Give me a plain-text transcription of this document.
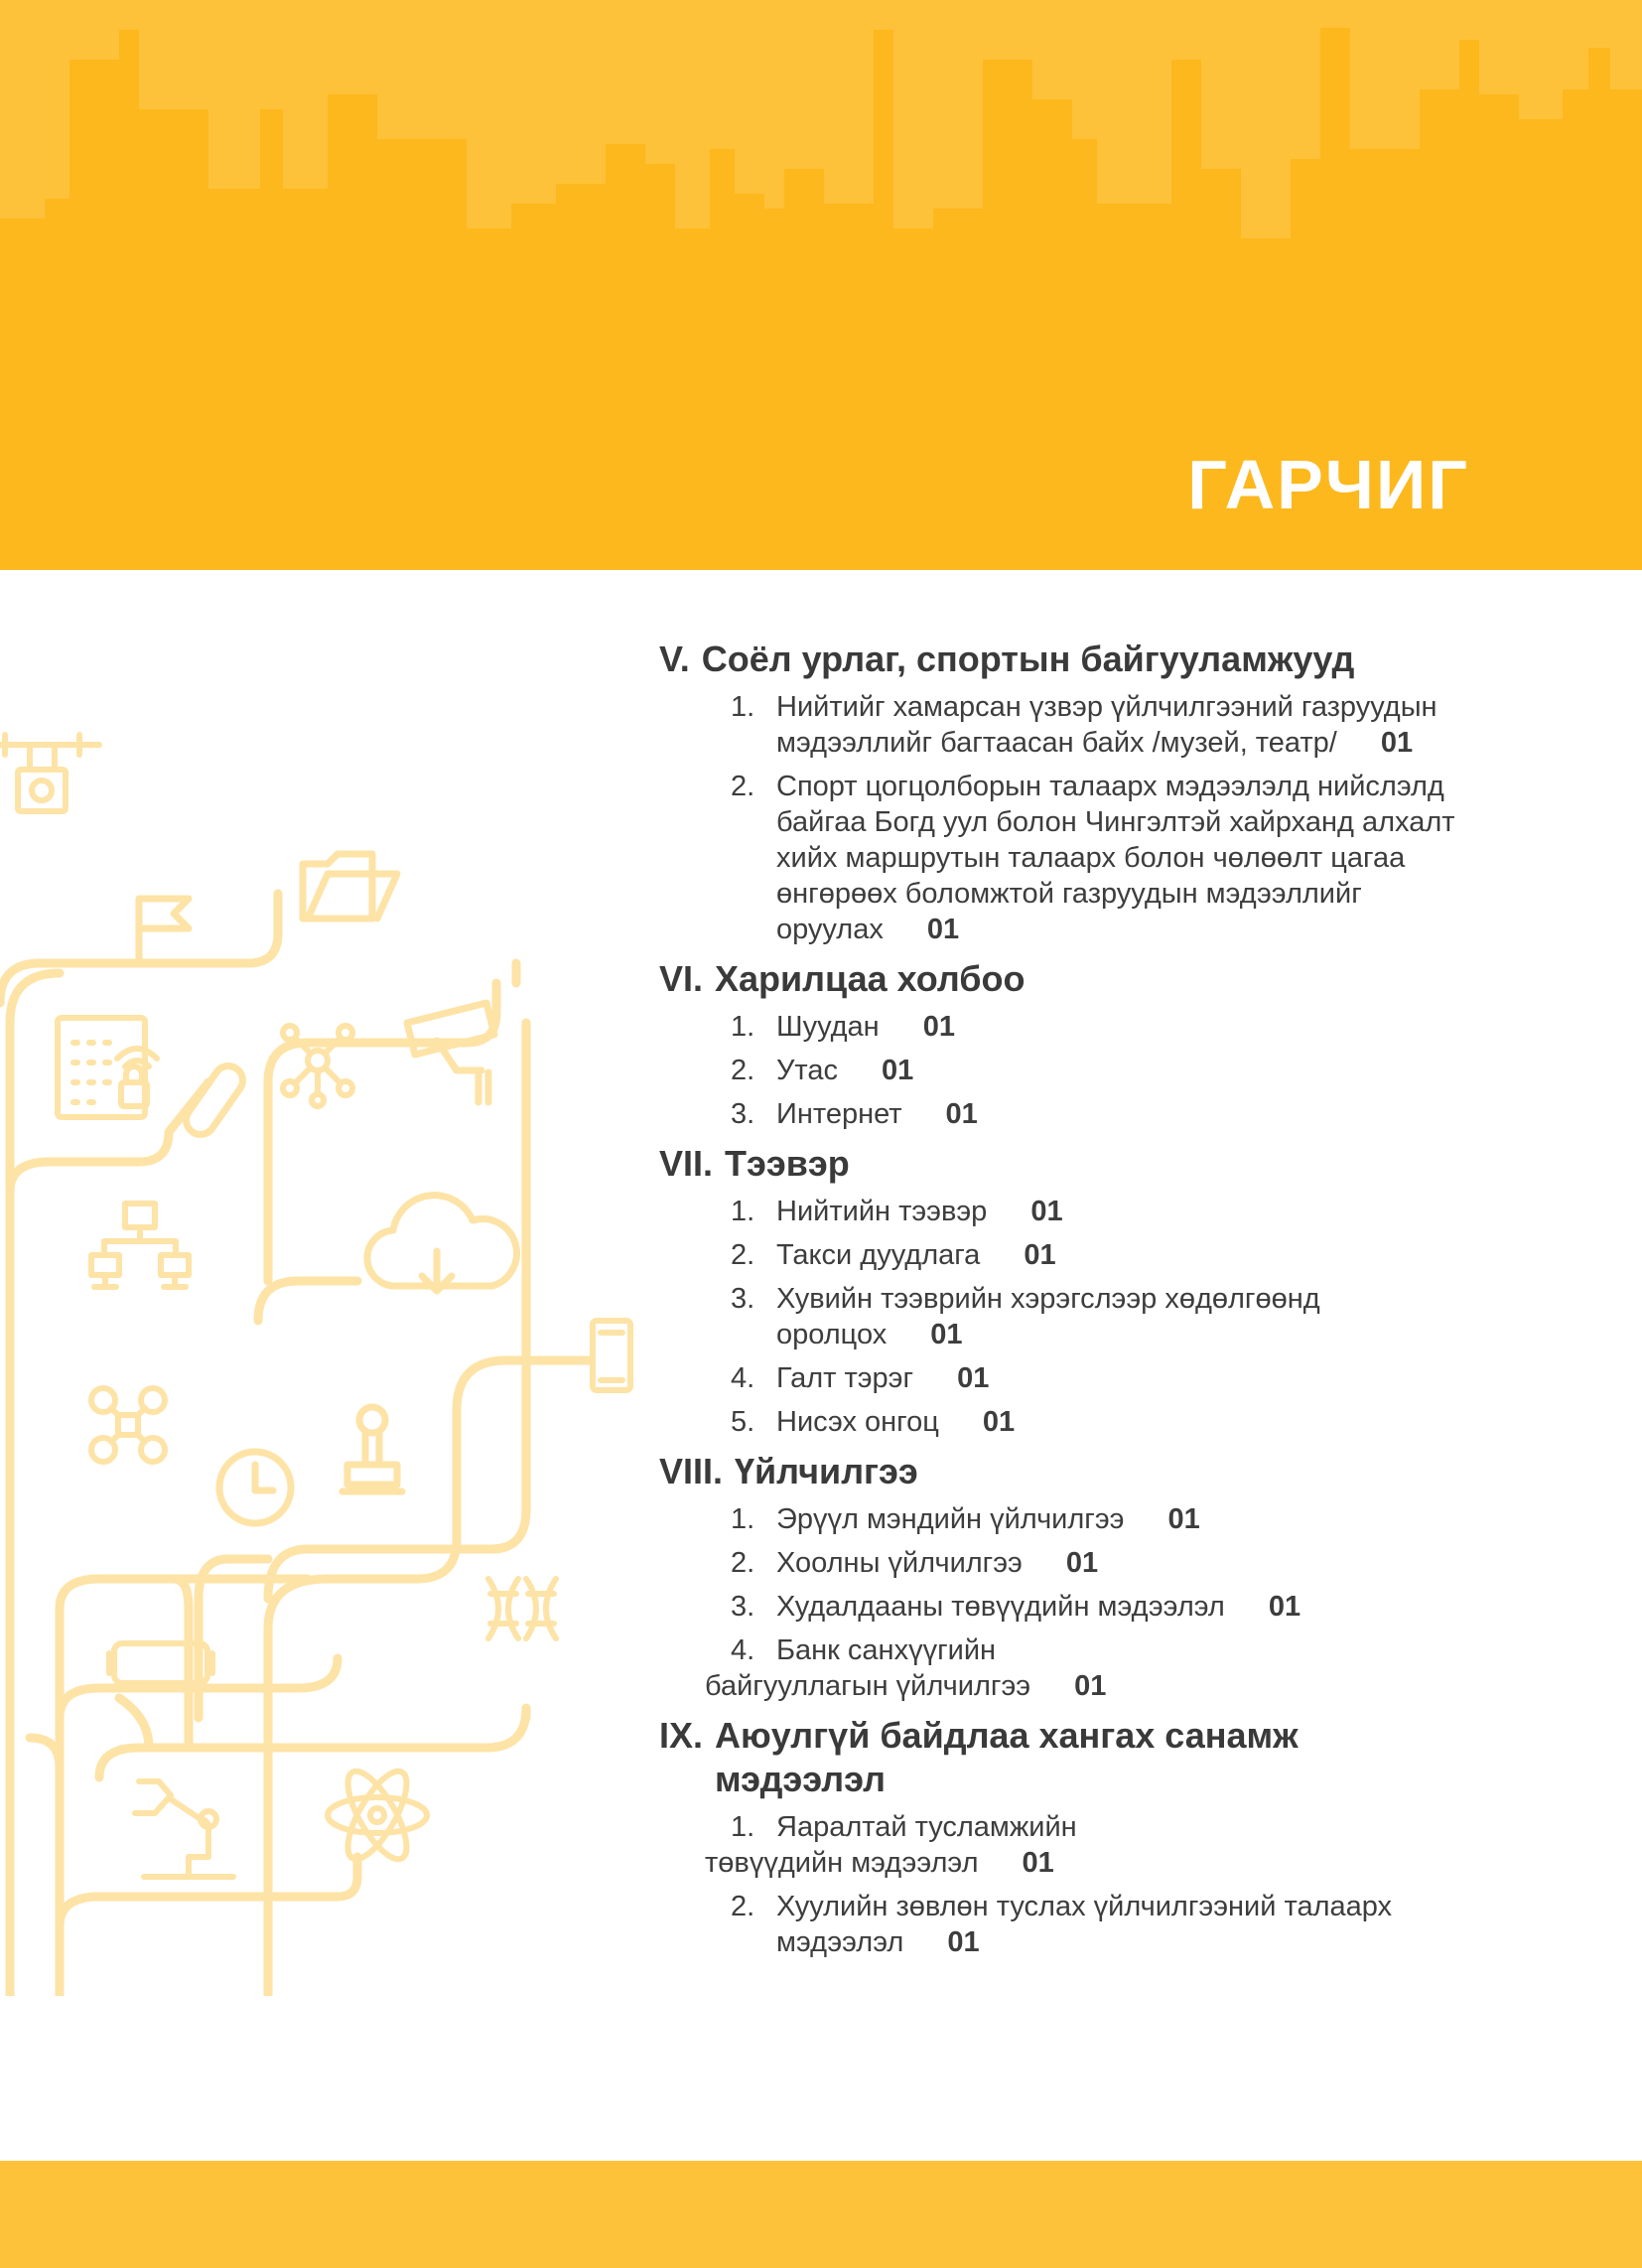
ГАРЧИГ
V. Соёл урлаг, спортын байгууламжууд
1. Нийтийг хамарсан үзвэр үйлчилгээний газруудын мэдээллийг багтаасан байх /музей, театр/ 01
2. Спорт цогцолборын талаарх мэдээлэлд нийслэлд байгаа Богд уул болон Чингэлтэй хайрханд алхалт хийх маршрутын талаарх болон чөлөөлт цагаа өнгөрөөх боломжтой газруудын мэдээллийг оруулах 01
VI. Харилцаа холбоо
1. Шуудан 01
2. Утас 01
3. Интернет 01
VII. Тээвэр
1. Нийтийн тээвэр 01
2. Такси дуудлага 01
3. Хувийн тээврийн хэрэгслээр хөдөлгөөнд оролцох 01
4. Галт тэрэг 01
5. Нисэх онгоц 01
VIII. Үйлчилгээ
1. Эрүүл мэндийн үйлчилгээ 01
2. Хоолны үйлчилгээ 01
3. Худалдааны төвүүдийн мэдээлэл 01
4. Банк санхүүгийн
байгууллагын үйлчилгээ 01
IX. Аюулгүй байдлаа хангах санамж мэдээлэл
1. Яаралтай тусламжийн
төвүүдийн мэдээлэл 01
2. Хуулийн зөвлөн туслах үйлчилгээний талаарх мэдээлэл 01
